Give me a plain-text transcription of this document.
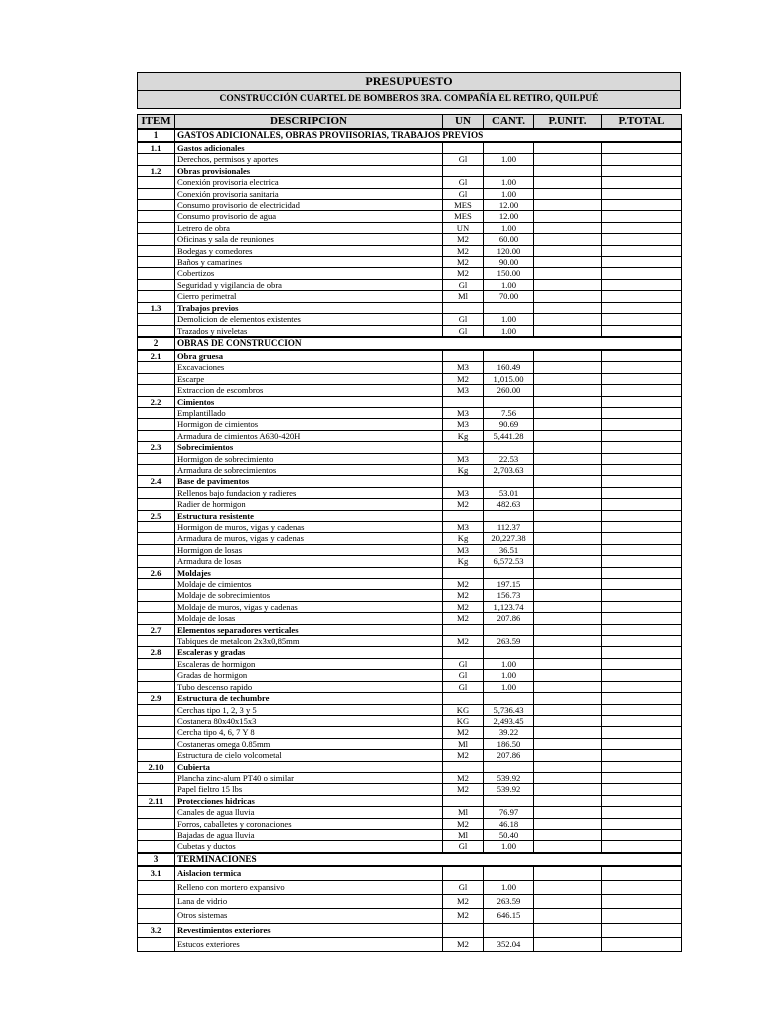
PRESUPUESTO
CONSTRUCCIÓN CUARTEL DE BOMBEROS 3RA. COMPAÑÍA EL RETIRO, QUILPUÉ
ITEM	DESCRIPCION	UN	CANT.	P.UNIT.	P.TOTAL
1	GASTOS ADICIONALES, OBRAS PROVIISORIAS, TRABAJOS PREVIOS				
1.1	Gastos adicionales				
	Derechos, permisos y aportes	Gl	1.00		
1.2	Obras provisionales				
	Conexión provisoria electrica	Gl	1.00		
	Conexión provisoria sanitaria	Gl	1.00		
	Consumo provisorio de electricidad	MES	12.00		
	Consumo provisorio de agua	MES	12.00		
	Letrero de obra	UN	1.00		
	Oficinas y sala de reuniones	M2	60.00		
	Bodegas y comedores	M2	120.00		
	Baños y camarines	M2	90.00		
	Cobertizos	M2	150.00		
	Seguridad y vigilancia de obra	Gl	1.00		
	Cierro perimetral	Ml	70.00		
1.3	Trabajos previos				
	Demolicion de elementos existentes	Gl	1.00		
	Trazados y niveletas	Gl	1.00		
2	OBRAS DE CONSTRUCCION				
2.1	Obra gruesa				
	Excavaciones	M3	160.49		
	Escarpe	M2	1,015.00		
	Extraccion de escombros	M3	260.00		
2.2	Cimientos				
	Emplantillado	M3	7.56		
	Hormigon de cimientos	M3	90.69		
	Armadura de cimientos A630-420H	Kg	5,441.28		
2.3	Sobrecimientos				
	Hormigon de sobrecimiento	M3	22.53		
	Armadura de sobrecimientos	Kg	2,703.63		
2.4	Base de pavimentos				
	Rellenos bajo fundacion y radieres	M3	53.01		
	Radier de hormigon	M2	482.63		
2.5	Estructura resistente				
	Hormigon de muros, vigas y cadenas	M3	112.37		
	Armadura de muros, vigas y cadenas	Kg	20,227.38		
	Hormigon de losas	M3	36.51		
	Armadura de losas	Kg	6,572.53		
2.6	Moldajes				
	Moldaje de cimientos	M2	197.15		
	Moldaje de sobrecimientos	M2	156.73		
	Moldaje de muros, vigas y cadenas	M2	1,123.74		
	Moldaje de losas	M2	207.86		
2.7	Elementos separadores verticales				
	Tabiques de metalcon 2x3x0,85mm	M2	263.59		
2.8	Escaleras y gradas				
	Escaleras de hormigon	Gl	1.00		
	Gradas de hormigon	Gl	1.00		
	Tubo descenso rapido	Gl	1.00		
2.9	Estructura de techumbre				
	Cerchas tipo 1, 2, 3 y 5	KG	5,736.43		
	Costanera 80x40x15x3	KG	2,493.45		
	Cercha tipo 4, 6, 7 Y 8	M2	39.22		
	Costaneras omega 0.85mm	Ml	186.50		
	Estructura de cielo volcometal	M2	207.86		
2.10	Cubierta				
	Plancha zinc-alum PT40 o similar	M2	539.92		
	Papel fieltro 15 lbs	M2	539.92		
2.11	Protecciones hidricas				
	Canales de agua lluvia	Ml	76.97		
	Forros, caballetes y coronaciones	M2	46.18		
	Bajadas de agua lluvia	Ml	50.40		
	Cubetas y ductos	Gl	1.00		
3	TERMINACIONES				
3.1	Aislacion termica				
	Relleno con mortero expansivo	Gl	1.00		
	Lana de vidrio	M2	263.59		
	Otros sistemas	M2	646.15		
3.2	Revestimientos exteriores				
	Estucos exteriores	M2	352.04		
